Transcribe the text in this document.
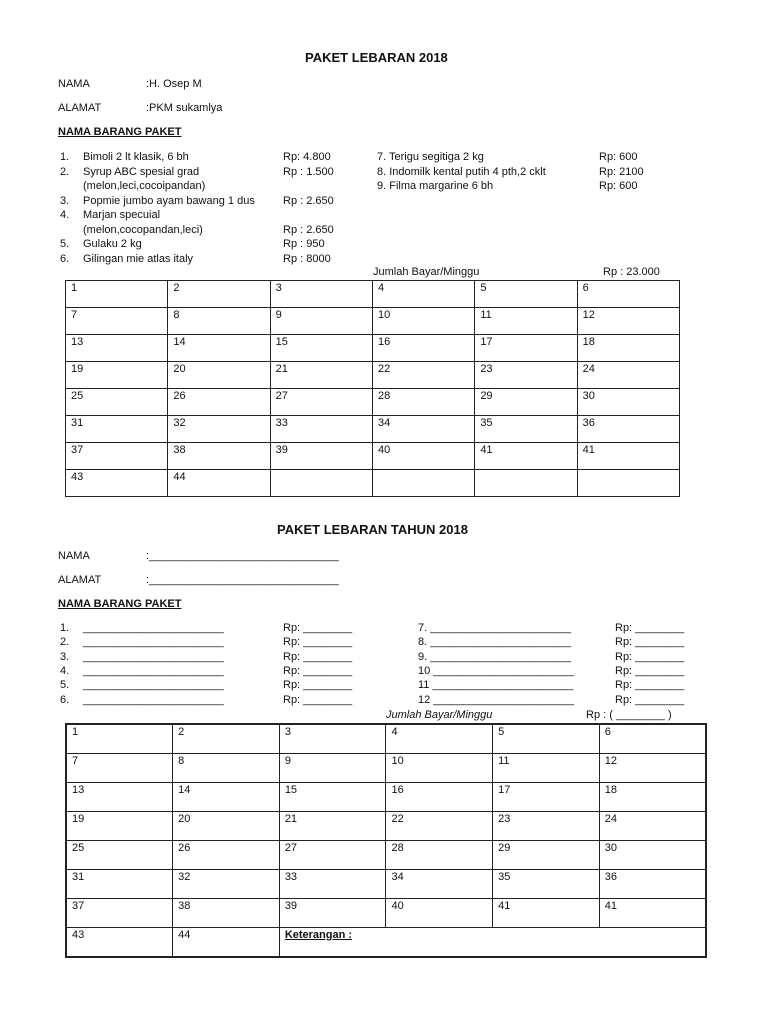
PAKET LEBARAN 2018
NAMA	:H. Osep M
ALAMAT	:PKM sukamlya
NAMA BARANG PAKET
1. Bimoli 2 lt klasik, 6 bh	Rp: 4.800
2. Syrup ABC spesial grad	Rp : 1.500
(melon,leci,cocoipandan)
3. Popmie jumbo ayam bawang 1 dus	Rp : 2.650
4. Marjan specuial
(melon,cocopandan,leci)	Rp : 2.650
5. Gulaku 2 kg	Rp : 950
6. Gilingan mie atlas italy	Rp : 8000
7. Terigu segitiga 2 kg	Rp: 600
8. Indomilk kental putih 4 pth,2 cklt	Rp: 2100
9. Filma margarine 6 bh	Rp: 600
Jumlah Bayar/Minggu	Rp : 23.000
1	2	3	4	5	6
7	8	9	10	11	12
13	14	15	16	17	18
19	20	21	22	23	24
25	26	27	28	29	30
31	32	33	34	35	36
37	38	39	40	41	41
43	44				
PAKET LEBARAN TAHUN 2018
NAMA	:_______________________________
ALAMAT	:_______________________________
NAMA BARANG PAKET
1. _______________________	Rp: ________
2. _______________________	Rp: ________
3. _______________________	Rp: ________
4. _______________________	Rp: ________
5. _______________________	Rp: ________
6. _______________________	Rp: ________
7. _______________________	Rp: ________
8. _______________________	Rp: ________
9. _______________________	Rp: ________
10 _______________________	Rp: ________
11 _______________________	Rp: ________
12 _______________________	Rp: ________
Jumlah Bayar/Minggu	Rp : ( ________ )
1	2	3	4	5	6
7	8	9	10	11	12
13	14	15	16	17	18
19	20	21	22	23	24
25	26	27	28	29	30
31	32	33	34	35	36
37	38	39	40	41	41
43	44	Keterangan :			
